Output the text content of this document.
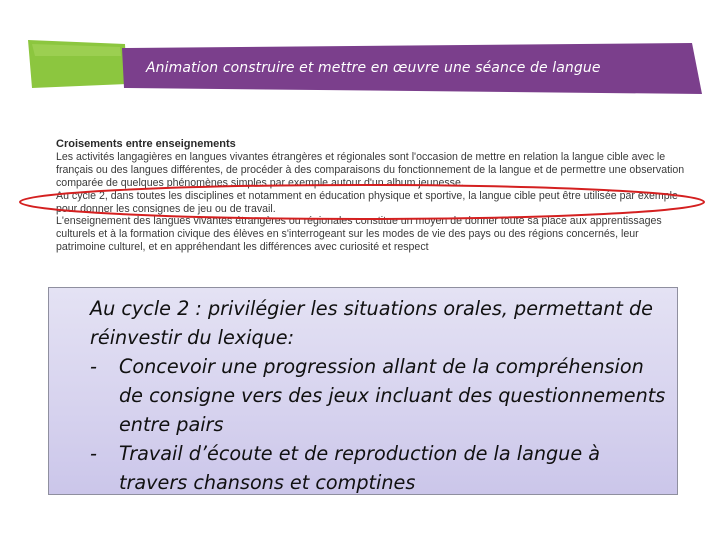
Animation construire et mettre en œuvre une séance de langue

Croisements entre enseignements

Les activités langagières en langues vivantes étrangères et régionales sont l'occasion de mettre en relation la langue cible avec le

français ou des langues différentes, de procéder à des comparaisons du fonctionnement de la langue et de permettre une observation

comparée de quelques phénomènes simples par exemple autour d'un album jeunesse.

Au cycle 2, dans toutes les disciplines et notamment en éducation physique et sportive, la langue cible peut être utilisée par exemple

pour donner les consignes de jeu ou de travail.

L'enseignement des langues vivantes étrangères ou régionales constitue un moyen de donner toute sa place aux apprentissages

culturels et à la formation civique des élèves en s'interrogeant sur les modes de vie des pays ou des régions concernés, leur

patrimoine culturel, et en appréhendant les différences avec curiosité et respect

Au cycle 2 : privilégier les situations orales, permettant de réinvestir du lexique:

- Concevoir une progression allant de la compréhension de consigne vers des jeux incluant des questionnements entre pairs
- Travail d’écoute et de reproduction de la langue à travers chansons et comptines
